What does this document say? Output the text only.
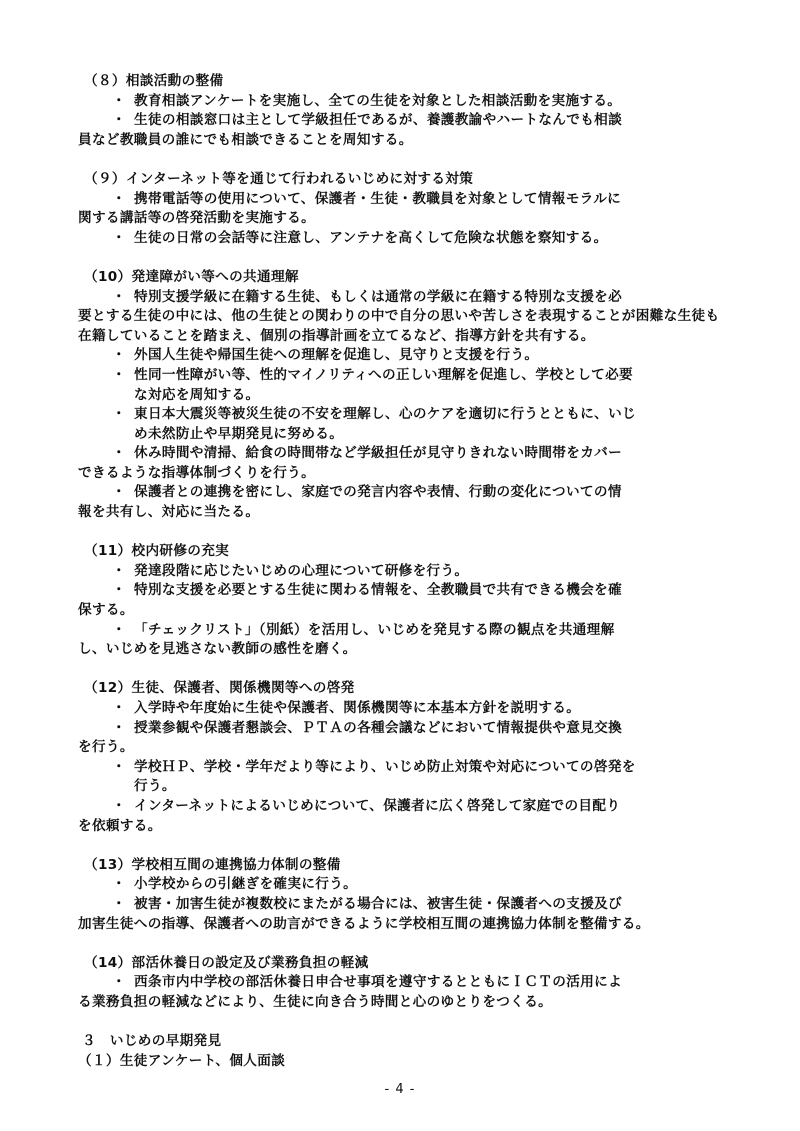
（８）相談活動の整備
・ 教育相談アンケートを実施し、全ての生徒を対象とした相談活動を実施する。
・ 生徒の相談窓口は主として学級担任であるが、養護教諭やハートなんでも相談
員など教職員の誰にでも相談できることを周知する。
（９）インターネット等を通じて行われるいじめに対する対策
・ 携帯電話等の使用について、保護者・生徒・教職員を対象として情報モラルに
関する講話等の啓発活動を実施する。
・ 生徒の日常の会話等に注意し、アンテナを高くして危険な状態を察知する。
（10）発達障がい等への共通理解
・ 特別支援学級に在籍する生徒、もしくは通常の学級に在籍する特別な支援を必
要とする生徒の中には、他の生徒との関わりの中で自分の思いや苦しさを表現することが困難な生徒も在籍していることを踏まえ、個別の指導計画を立てるなど、指導方針を共有する。
・ 外国人生徒や帰国生徒への理解を促進し、見守りと支援を行う。
・ 性同一性障がい等、性的マイノリティへの正しい理解を促進し、学校として必要
な対応を周知する。
・ 東日本大震災等被災生徒の不安を理解し、心のケアを適切に行うとともに、いじ
め未然防止や早期発見に努める。
・ 休み時間や清掃、給食の時間帯など学級担任が見守りきれない時間帯をカバー
できるような指導体制づくりを行う。
・ 保護者との連携を密にし、家庭での発言内容や表情、行動の変化についての情
報を共有し、対応に当たる。
（11）校内研修の充実
・ 発達段階に応じたいじめの心理について研修を行う。
・ 特別な支援を必要とする生徒に関わる情報を、全教職員で共有できる機会を確
保する。
・ 「チェックリスト」（別紙）を活用し、いじめを発見する際の観点を共通理解
し、いじめを見逃さない教師の感性を磨く。
（12）生徒、保護者、関係機関等への啓発
・ 入学時や年度始に生徒や保護者、関係機関等に本基本方針を説明する。
・ 授業参観や保護者懇談会、ＰＴＡの各種会議などにおいて情報提供や意見交換
を行う。
・ 学校ＨＰ、学校・学年だより等により、いじめ防止対策や対応についての啓発を
行う。
・ インターネットによるいじめについて、保護者に広く啓発して家庭での目配り
を依頼する。
（13）学校相互間の連携協力体制の整備
・ 小学校からの引継ぎを確実に行う。
・ 被害・加害生徒が複数校にまたがる場合には、被害生徒・保護者への支援及び
加害生徒への指導、保護者への助言ができるように学校相互間の連携協力体制を整備する。
（14）部活休養日の設定及び業務負担の軽減
・ 西条市内中学校の部活休養日申合せ事項を遵守するとともにＩＣＴの活用によ
る業務負担の軽減などにより、生徒に向き合う時間と心のゆとりをつくる。
３　いじめの早期発見
（１）生徒アンケート、個人面談
- 4 -
